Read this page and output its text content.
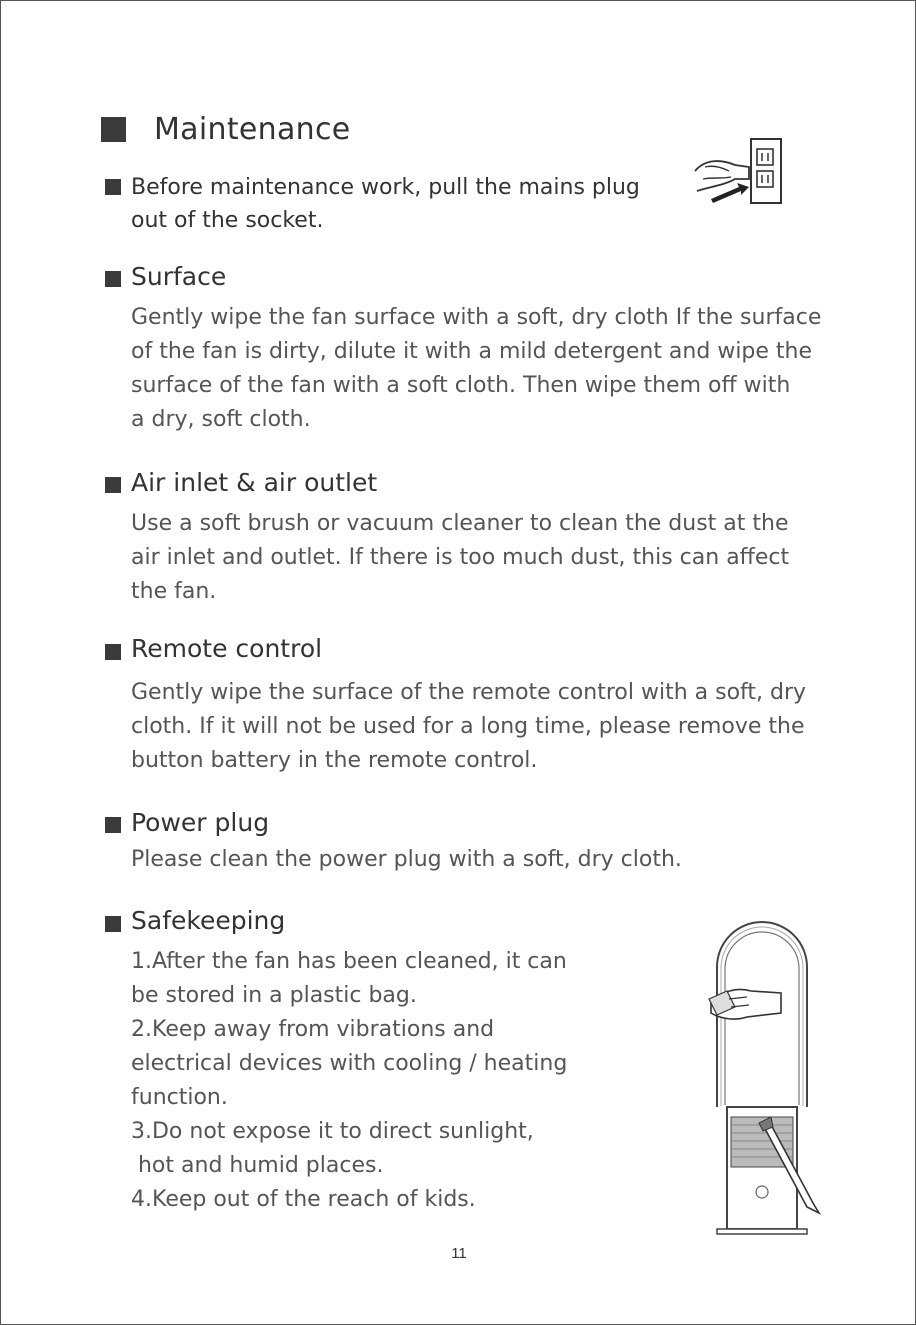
Maintenance
Before maintenance work, pull the mains plug
out of the socket.
Surface
Gently wipe the fan surface with a soft, dry cloth If the surface
of the fan is dirty, dilute it with a mild detergent and wipe the
surface of the fan with a soft cloth. Then wipe them off with
a dry, soft cloth.
Air inlet & air outlet
Use a soft brush or vacuum cleaner to clean the dust at the
air inlet and outlet. If there is too much dust, this can affect
the fan.
Remote control
Gently wipe the surface of the remote control with a soft, dry
cloth. If it will not be used for a long time, please remove the
button battery in the remote control.
Power plug
Please clean the power plug with a soft, dry cloth.
Safekeeping
1.After the fan has been cleaned, it can
be stored in a plastic bag.
2.Keep away from vibrations and
electrical devices with cooling / heating
function.
3.Do not expose it to direct sunlight,
hot and humid places.
4.Keep out of the reach of kids.
11
